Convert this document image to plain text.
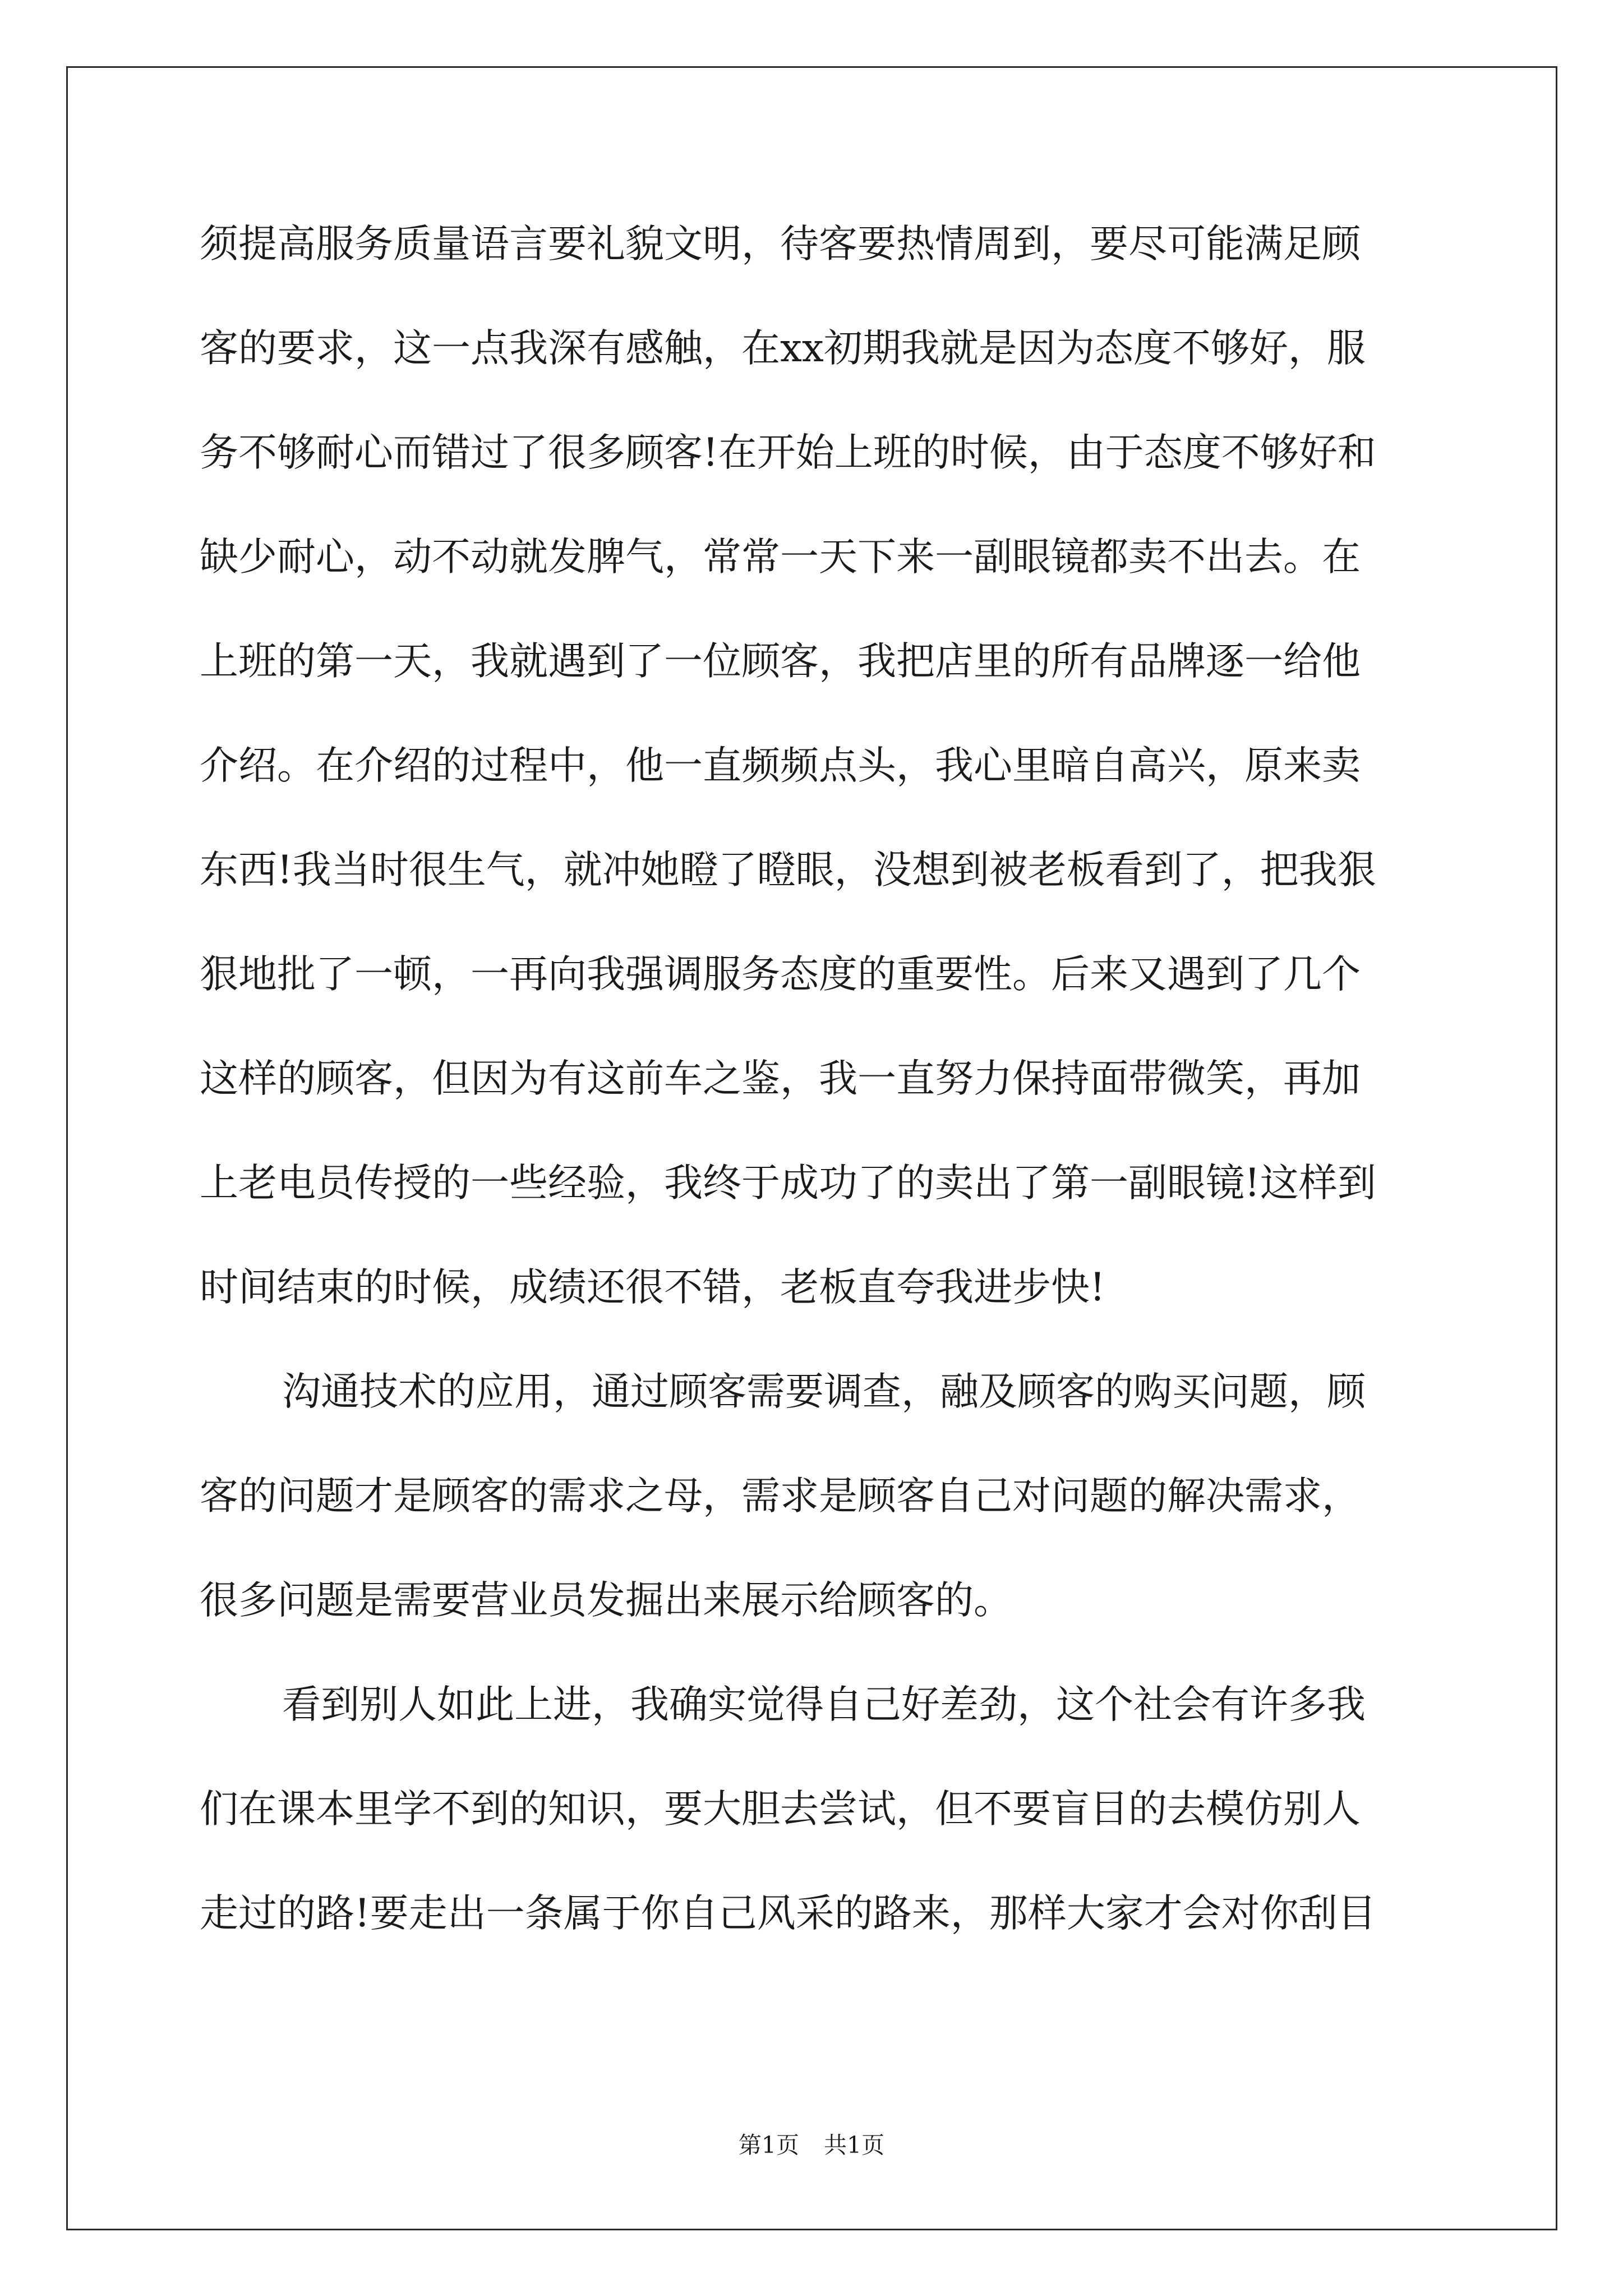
须提高服务质量语言要礼貌文明，待客要热情周到，要尽可能满足顾
客的要求，这一点我深有感触，在xx初期我就是因为态度不够好，服
务不够耐心而错过了很多顾客!在开始上班的时候，由于态度不够好和
缺少耐心，动不动就发脾气，常常一天下来一副眼镜都卖不出去。在
上班的第一天，我就遇到了一位顾客，我把店里的所有品牌逐一给他
介绍。在介绍的过程中，他一直频频点头，我心里暗自高兴，原来卖
东西!我当时很生气，就冲她瞪了瞪眼，没想到被老板看到了，把我狠
狠地批了一顿，一再向我强调服务态度的重要性。后来又遇到了几个
这样的顾客，但因为有这前车之鉴，我一直努力保持面带微笑，再加
上老电员传授的一些经验，我终于成功了的卖出了第一副眼镜!这样到
时间结束的时候，成绩还很不错，老板直夸我进步快!
沟通技术的应用，通过顾客需要调查，融及顾客的购买问题，顾
客的问题才是顾客的需求之母，需求是顾客自己对问题的解决需求，
很多问题是需要营业员发掘出来展示给顾客的。
看到别人如此上进，我确实觉得自己好差劲，这个社会有许多我
们在课本里学不到的知识，要大胆去尝试，但不要盲目的去模仿别人
走过的路!要走出一条属于你自己风采的路来，那样大家才会对你刮目
第1页 共1页
